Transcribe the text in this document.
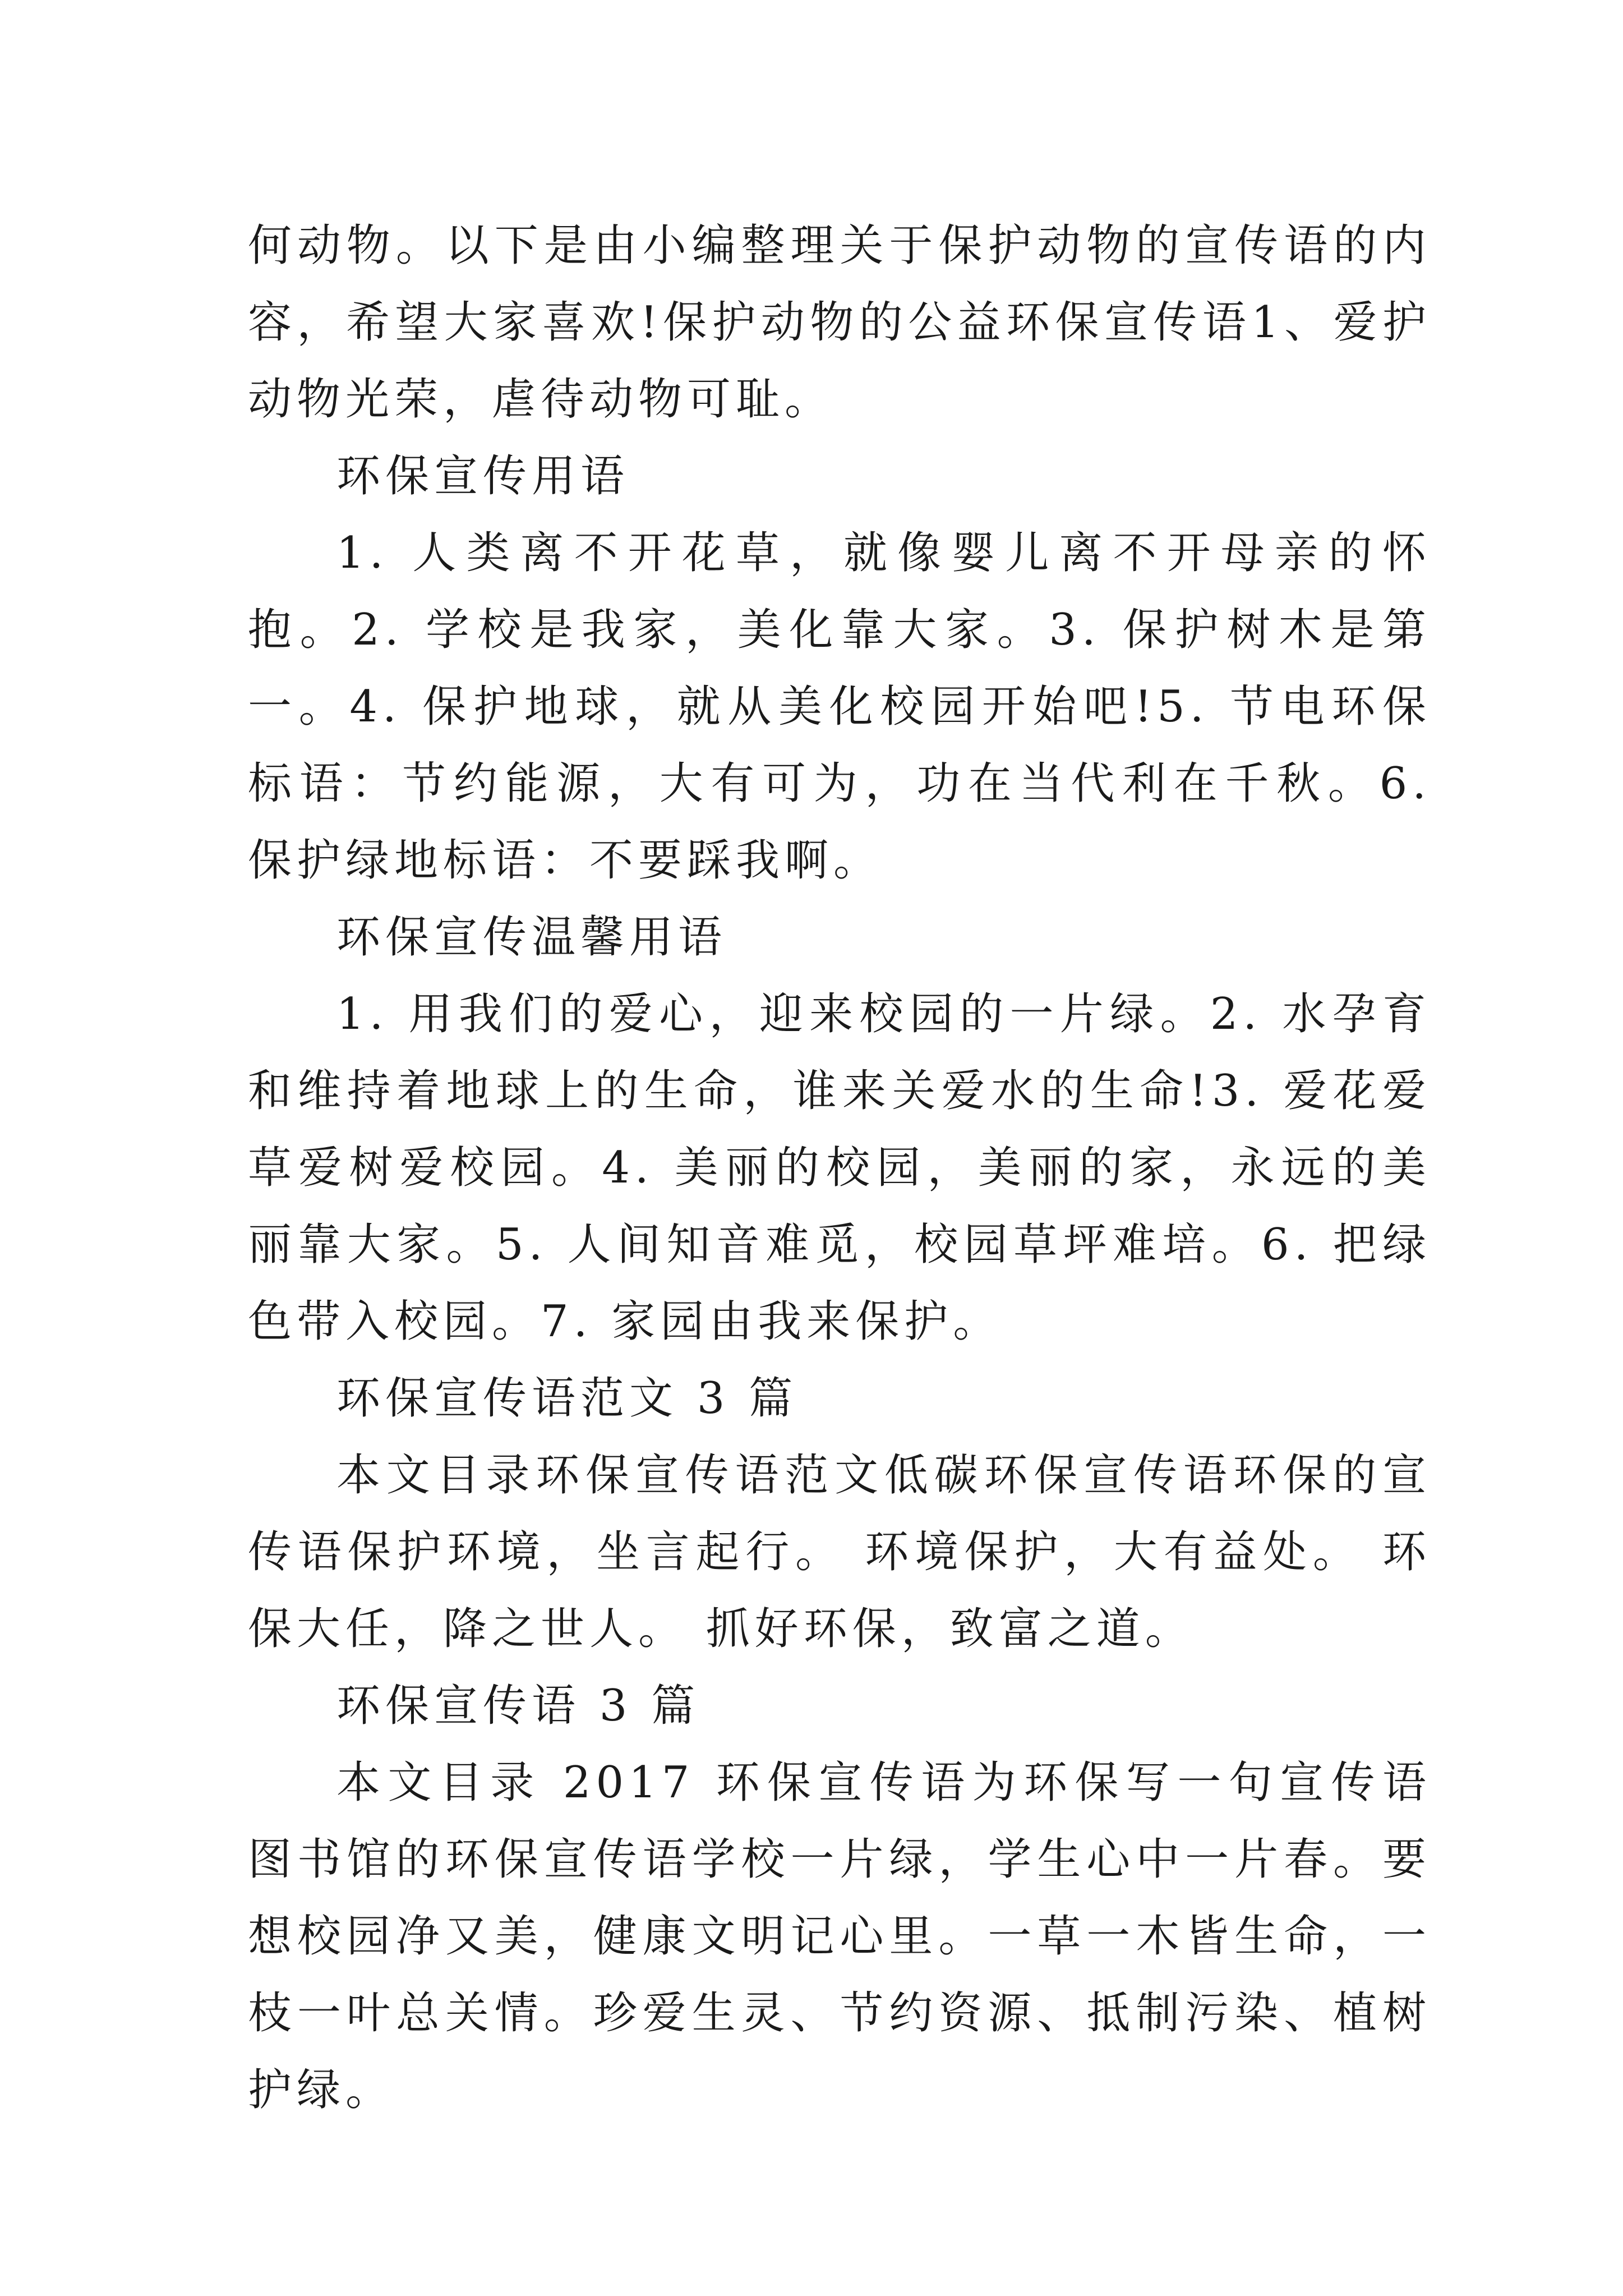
何动物。以下是由小编整理关于保护动物的宣传语的内容，希望大家喜欢!保护动物的公益环保宣传语1、爱护动物光荣，虐待动物可耻。

环保宣传用语

1. 人类离不开花草，就像婴儿离不开母亲的怀抱。2. 学校是我家，美化靠大家。3. 保护树木是第一。4. 保护地球，就从美化校园开始吧!5. 节电环保标语：节约能源，大有可为，功在当代利在千秋。6. 保护绿地标语：不要踩我啊。

环保宣传温馨用语

1. 用我们的爱心，迎来校园的一片绿。2. 水孕育和维持着地球上的生命，谁来关爱水的生命!3. 爱花爱草爱树爱校园。4. 美丽的校园，美丽的家，永远的美丽靠大家。5. 人间知音难觅，校园草坪难培。6. 把绿色带入校园。7. 家园由我来保护。

环保宣传语范文 3 篇

本文目录环保宣传语范文低碳环保宣传语环保的宣传语保护环境，坐言起行。 环境保护，大有益处。 环保大任，降之世人。 抓好环保，致富之道。

环保宣传语 3 篇

本文目录 2017 环保宣传语为环保写一句宣传语图书馆的环保宣传语学校一片绿，学生心中一片春。要想校园净又美，健康文明记心里。一草一木皆生命，一枝一叶总关情。珍爱生灵、节约资源、抵制污染、植树护绿。
